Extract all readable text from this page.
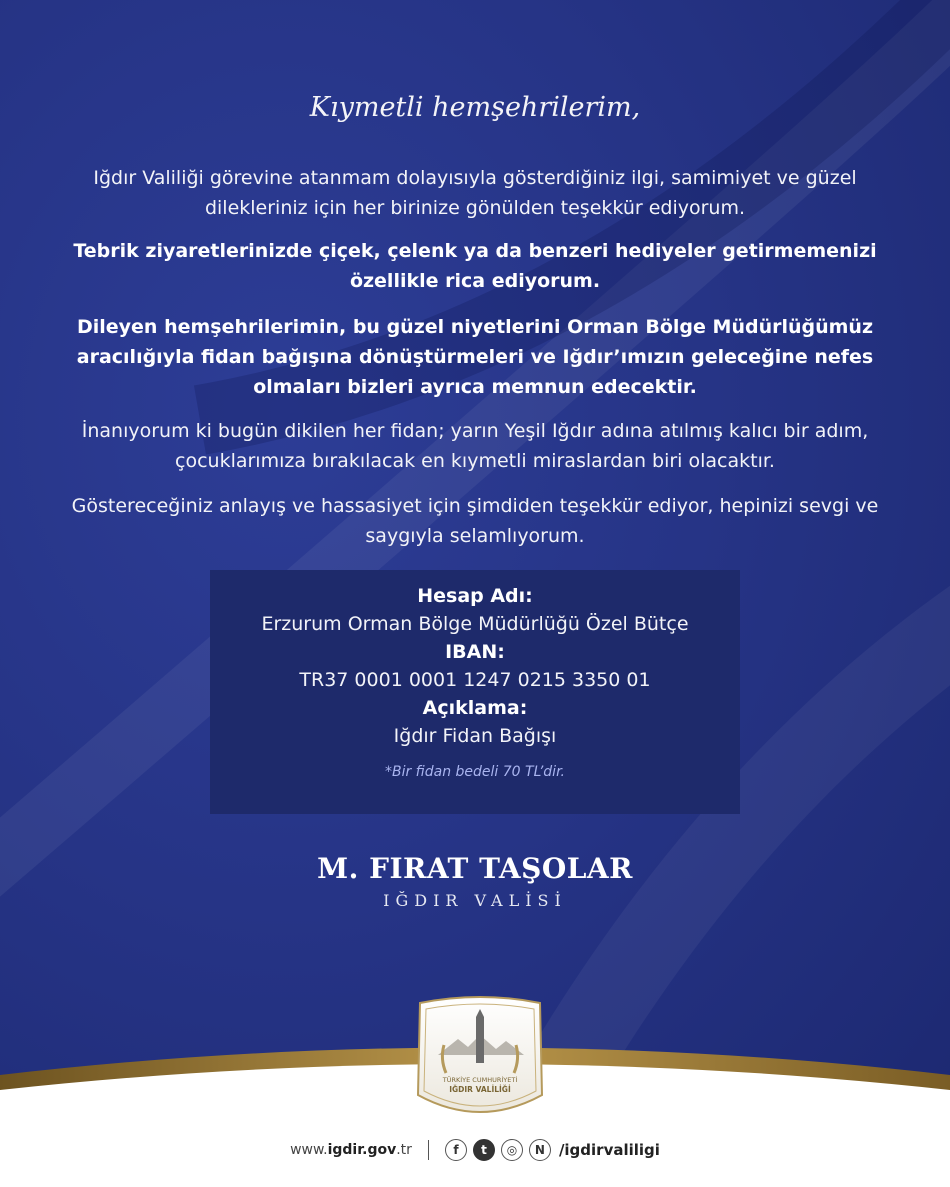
Kıymetli hemşehrilerim,
Iğdır Valiliği görevine atanmam dolayısıyla gösterdiğiniz ilgi, samimiyet ve güzel dilekleriniz için her birinize gönülden teşekkür ediyorum.
Tebrik ziyaretlerinizde çiçek, çelenk ya da benzeri hediyeler getirmemenizi özellikle rica ediyorum.
Dileyen hemşehrilerimin, bu güzel niyetlerini Orman Bölge Müdürlüğümüz aracılığıyla fidan bağışına dönüştürmeleri ve Iğdır’ımızın geleceğine nefes olmaları bizleri ayrıca memnun edecektir.
İnanıyorum ki bugün dikilen her fidan; yarın Yeşil Iğdır adına atılmış kalıcı bir adım, çocuklarımıza bırakılacak en kıymetli miraslardan biri olacaktır.
Göstereceğiniz anlayış ve hassasiyet için şimdiden teşekkür ediyor, hepinizi sevgi ve saygıyla selamlıyorum.
Hesap Adı:
Erzurum Orman Bölge Müdürlüğü Özel Bütçe
IBAN:
TR37 0001 0001 1247 0215 3350 01
Açıklama:
Iğdır Fidan Bağışı
*Bir fidan bedeli 70 TL’dir.
M. FIRAT TAŞOLAR
IĞDIR VALİSİ
TÜRKİYE CUMHURİYETİ
IĞDIR VALİLİĞİ
www.igdir.gov.tr	f	t	◎	N /igdirvaliligi
